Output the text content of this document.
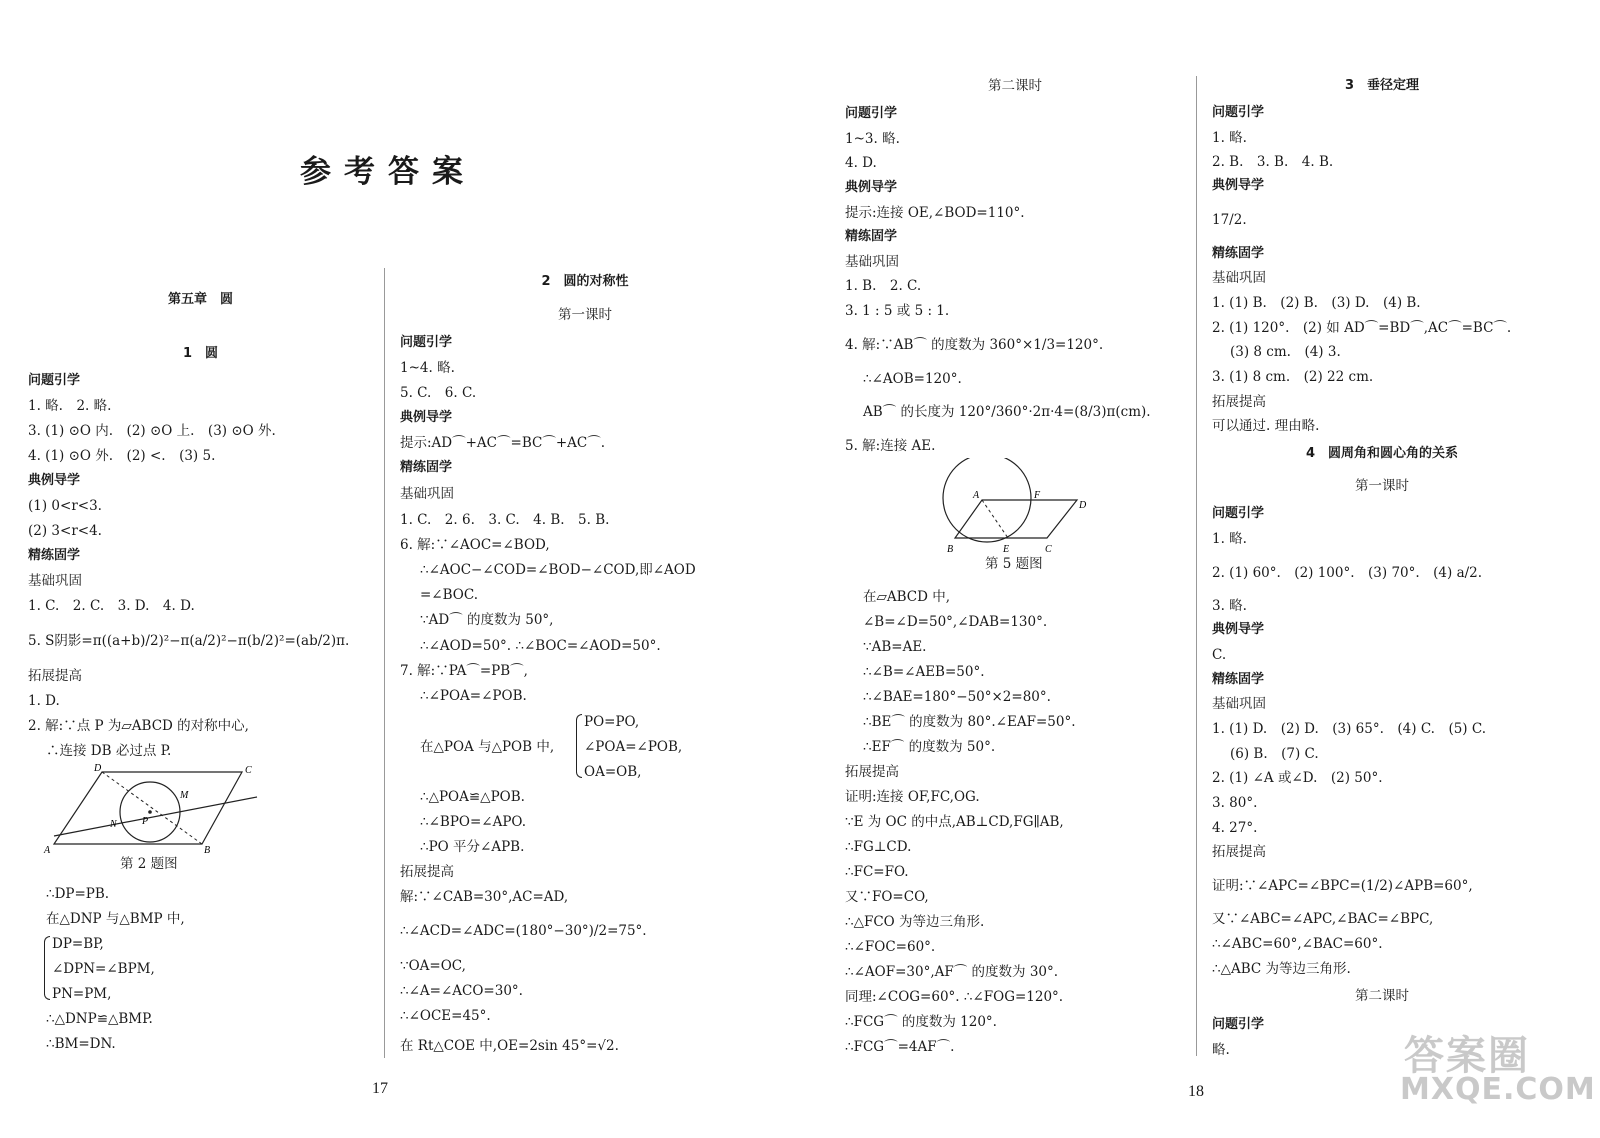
参考答案
第五章　圆
1　圆
问题引学
1. 略.　2. 略.
3. (1) ⊙O 内.　(2) ⊙O 上.　(3) ⊙O 外.
4. (1) ⊙O 外.　(2) <.　(3) 5.
典例导学
(1) 0<r<3.
(2) 3<r<4.
精练固学
基础巩固
1. C.　2. C.　3. D.　4. D.
5. S阴影=π((a+b)/2)²−π(a/2)²−π(b/2)²=(ab/2)π.
拓展提高
1. D.
2. 解:∵点 P 为▱ABCD 的对称中心,
∴连接 DB 必过点 P.
D	C
M
N	P
A	B
第 2 题图
∴DP=PB.
在△DNP 与△BMP 中,
DP=BP,
∠DPN=∠BPM,
PN=PM,
∴△DNP≌△BMP.
∴BM=DN.
2　圆的对称性
第一课时
问题引学
1~4. 略.
5. C.　6. C.
典例导学
提示:AD⌒+AC⌒=BC⌒+AC⌒.
精练固学
基础巩固
1. C.　2. 6.　3. C.　4. B.　5. B.
6. 解:∵∠AOC=∠BOD,
∴∠AOC−∠COD=∠BOD−∠COD,即∠AOD
=∠BOC.
∵AD⌒ 的度数为 50°,
∴∠AOD=50°. ∴∠BOC=∠AOD=50°.
7. 解:∵PA⌒=PB⌒,
∴∠POA=∠POB.
在△POA 与△POB 中,
PO=PO,
∠POA=∠POB,
OA=OB,
∴△POA≌△POB.
∴∠BPO=∠APO.
∴PO 平分∠APB.
拓展提高
解:∵∠CAB=30°,AC=AD,
∴∠ACD=∠ADC=(180°−30°)/2=75°.
∵OA=OC,
∴∠A=∠ACO=30°.
∴∠OCE=45°.
在 Rt△COE 中,OE=2sin 45°=√2.
17
第二课时
问题引学
1~3. 略.
4. D.
典例导学
提示:连接 OE,∠BOD=110°.
精练固学
基础巩固
1. B.　2. C.
3. 1 : 5 或 5 : 1.
4. 解:∵AB⌒ 的度数为 360°×1/3=120°.
∴∠AOB=120°.
AB⌒ 的长度为 120°/360°·2π·4=(8/3)π(cm).
5. 解:连接 AE.
A	F
D
B	E	C
第 5 题图
在▱ABCD 中,
∠B=∠D=50°,∠DAB=130°.
∵AB=AE.
∴∠B=∠AEB=50°.
∴∠BAE=180°−50°×2=80°.
∴BE⌒ 的度数为 80°.∠EAF=50°.
∴EF⌒ 的度数为 50°.
拓展提高
证明:连接 OF,FC,OG.
∵E 为 OC 的中点,AB⊥CD,FG∥AB,
∴FG⊥CD.
∴FC=FO.
又∵FO=CO,
∴△FCO 为等边三角形.
∴∠FOC=60°.
∴∠AOF=30°,AF⌒ 的度数为 30°.
同理:∠COG=60°. ∴∠FOG=120°.
∴FCG⌒ 的度数为 120°.
∴FCG⌒=4AF⌒.
3　垂径定理
问题引学
1. 略.
2. B.　3. B.　4. B.
典例导学
17/2.
精练固学
基础巩固
1. (1) B.　(2) B.　(3) D.　(4) B.
2. (1) 120°.　(2) 如 AD⌒=BD⌒,AC⌒=BC⌒.
(3) 8 cm.　(4) 3.
3. (1) 8 cm.　(2) 22 cm.
拓展提高
可以通过. 理由略.
4　圆周角和圆心角的关系
第一课时
问题引学
1. 略.
2. (1) 60°.　(2) 100°.　(3) 70°.　(4) a/2.
3. 略.
典例导学
C.
精练固学
基础巩固
1. (1) D.　(2) D.　(3) 65°.　(4) C.　(5) C.
(6) B.　(7) C.
2. (1) ∠A 或∠D.　(2) 50°.
3. 80°.
4. 27°.
拓展提高
证明:∵∠APC=∠BPC=(1/2)∠APB=60°,
又∵∠ABC=∠APC,∠BAC=∠BPC,
∴∠ABC=60°,∠BAC=60°.
∴△ABC 为等边三角形.
第二课时
问题引学
略.
18
答案圈
MXQE.COM
